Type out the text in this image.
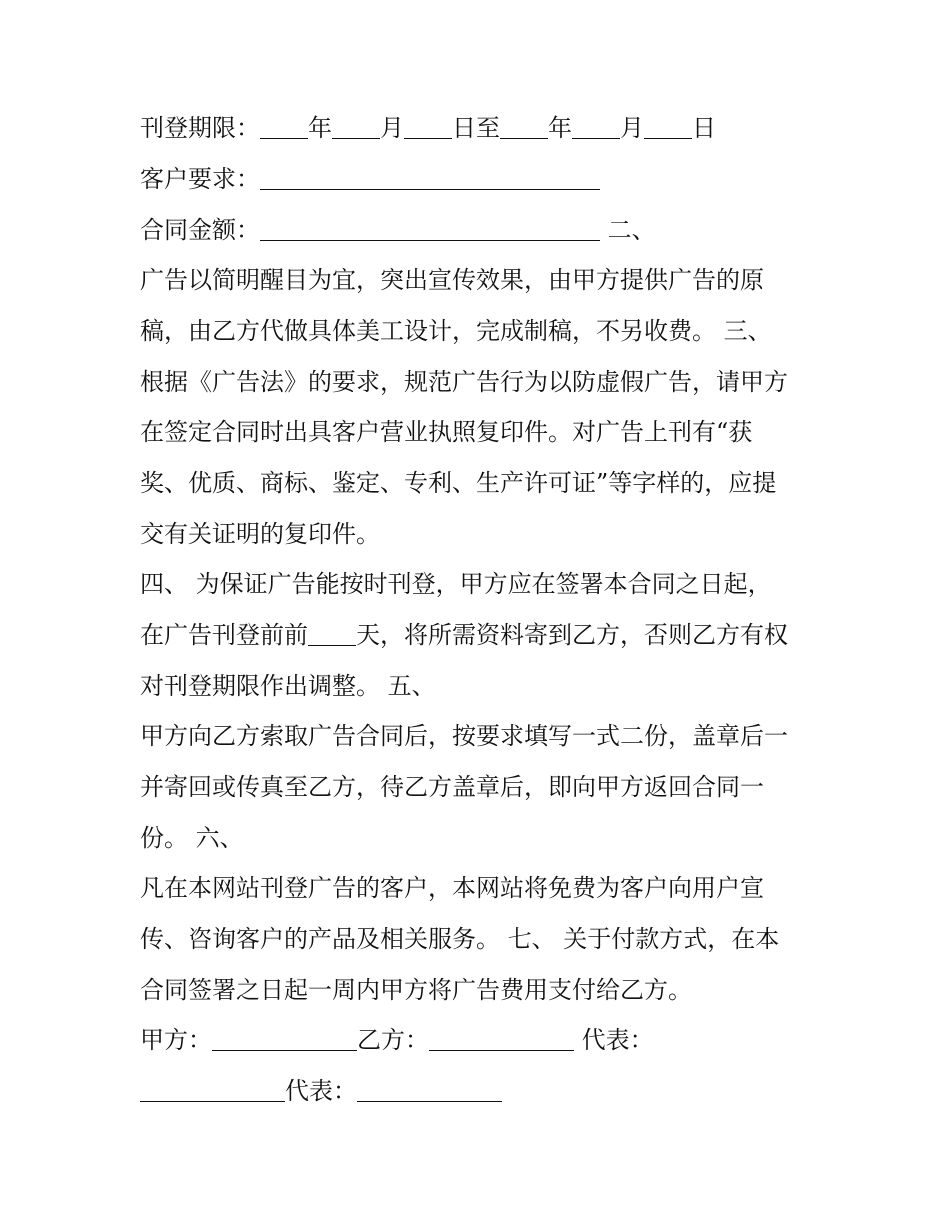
刊登期限： 年 月 日至 年 月 日
客户要求：
合同金额：	二、
广告以简明醒目为宜，突出宣传效果，由甲方提供广告的原
稿，由乙方代做具体美工设计，完成制稿，不另收费。 三、
根据《广告法》的要求，规范广告行为以防虚假广告，请甲方
在签定合同时出具客户营业执照复印件。对广告上刊有“获
奖、优质、商标、鉴定、专利、生产许可证”等字样的，应提
交有关证明的复印件。
四、 为保证广告能按时刊登，甲方应在签署本合同之日起，
在广告刊登前前 天，将所需资料寄到乙方，否则乙方有权
对刊登期限作出调整。 五、
甲方向乙方索取广告合同后，按要求填写一式二份，盖章后一
并寄回或传真至乙方，待乙方盖章后，即向甲方返回合同一
份。 六、
凡在本网站刊登广告的客户，本网站将免费为客户向用户宣
传、咨询客户的产品及相关服务。 七、 关于付款方式，在本
合同签署之日起一周内甲方将广告费用支付给乙方。
甲方：	乙方：	代表：
代表：
